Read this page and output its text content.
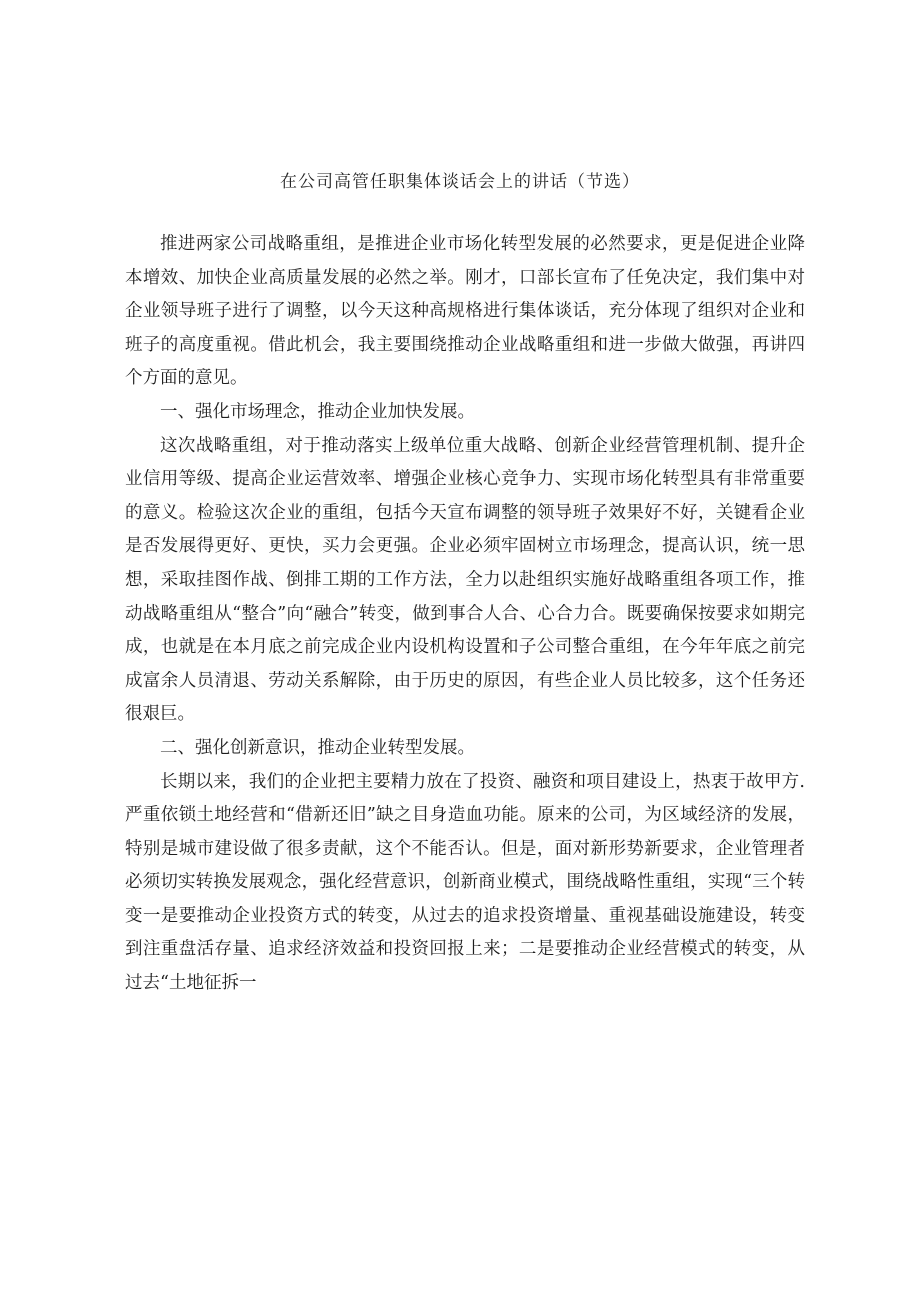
在公司高管任职集体谈话会上的讲话（节选）

推进两家公司战略重组，是推进企业市场化转型发展的必然要求，更是促进企业降本增效、加快企业高质量发展的必然之举。刚才，口部长宣布了任免决定，我们集中对企业领导班子进行了调整，以今天这种高规格进行集体谈话，充分体现了组织对企业和班子的高度重视。借此机会，我主要围绕推动企业战略重组和进一步做大做强，再讲四个方面的意见。

一、强化市场理念，推动企业加快发展。

这次战略重组，对于推动落实上级单位重大战略、创新企业经营管理机制、提升企业信用等级、提高企业运营效率、增强企业核心竞争力、实现市场化转型具有非常重要的意义。检验这次企业的重组，包括今天宣布调整的领导班子效果好不好，关键看企业是否发展得更好、更快，买力会更强。企业必须牢固树立市场理念，提高认识，统一思想，采取挂图作战、倒排工期的工作方法，全力以赴组织实施好战略重组各项工作，推动战略重组从“整合”向“融合”转变，做到事合人合、心合力合。既要确保按要求如期完成，也就是在本月底之前完成企业内设机构设置和子公司整合重组，在今年年底之前完成富余人员清退、劳动关系解除，由于历史的原因，有些企业人员比较多，这个任务还很艰巨。

二、强化创新意识，推动企业转型发展。

长期以来，我们的企业把主要精力放在了投资、融资和项目建设上，热衷于故甲方.严重依锁土地经营和“借新还旧”缺之目身造血功能。原来的公司，为区域经济的发展，特别是城市建设做了很多责献，这个不能否认。但是，面对新形势新要求，企业管理者必须切实转换发展观念，强化经营意识，创新商业模式，围绕战略性重组，实现“三个转变一是要推动企业投资方式的转变，从过去的追求投资增量、重视基础设施建设，转变到注重盘活存量、追求经济效益和投资回报上来；二是要推动企业经营模式的转变，从过去“土地征拆一
